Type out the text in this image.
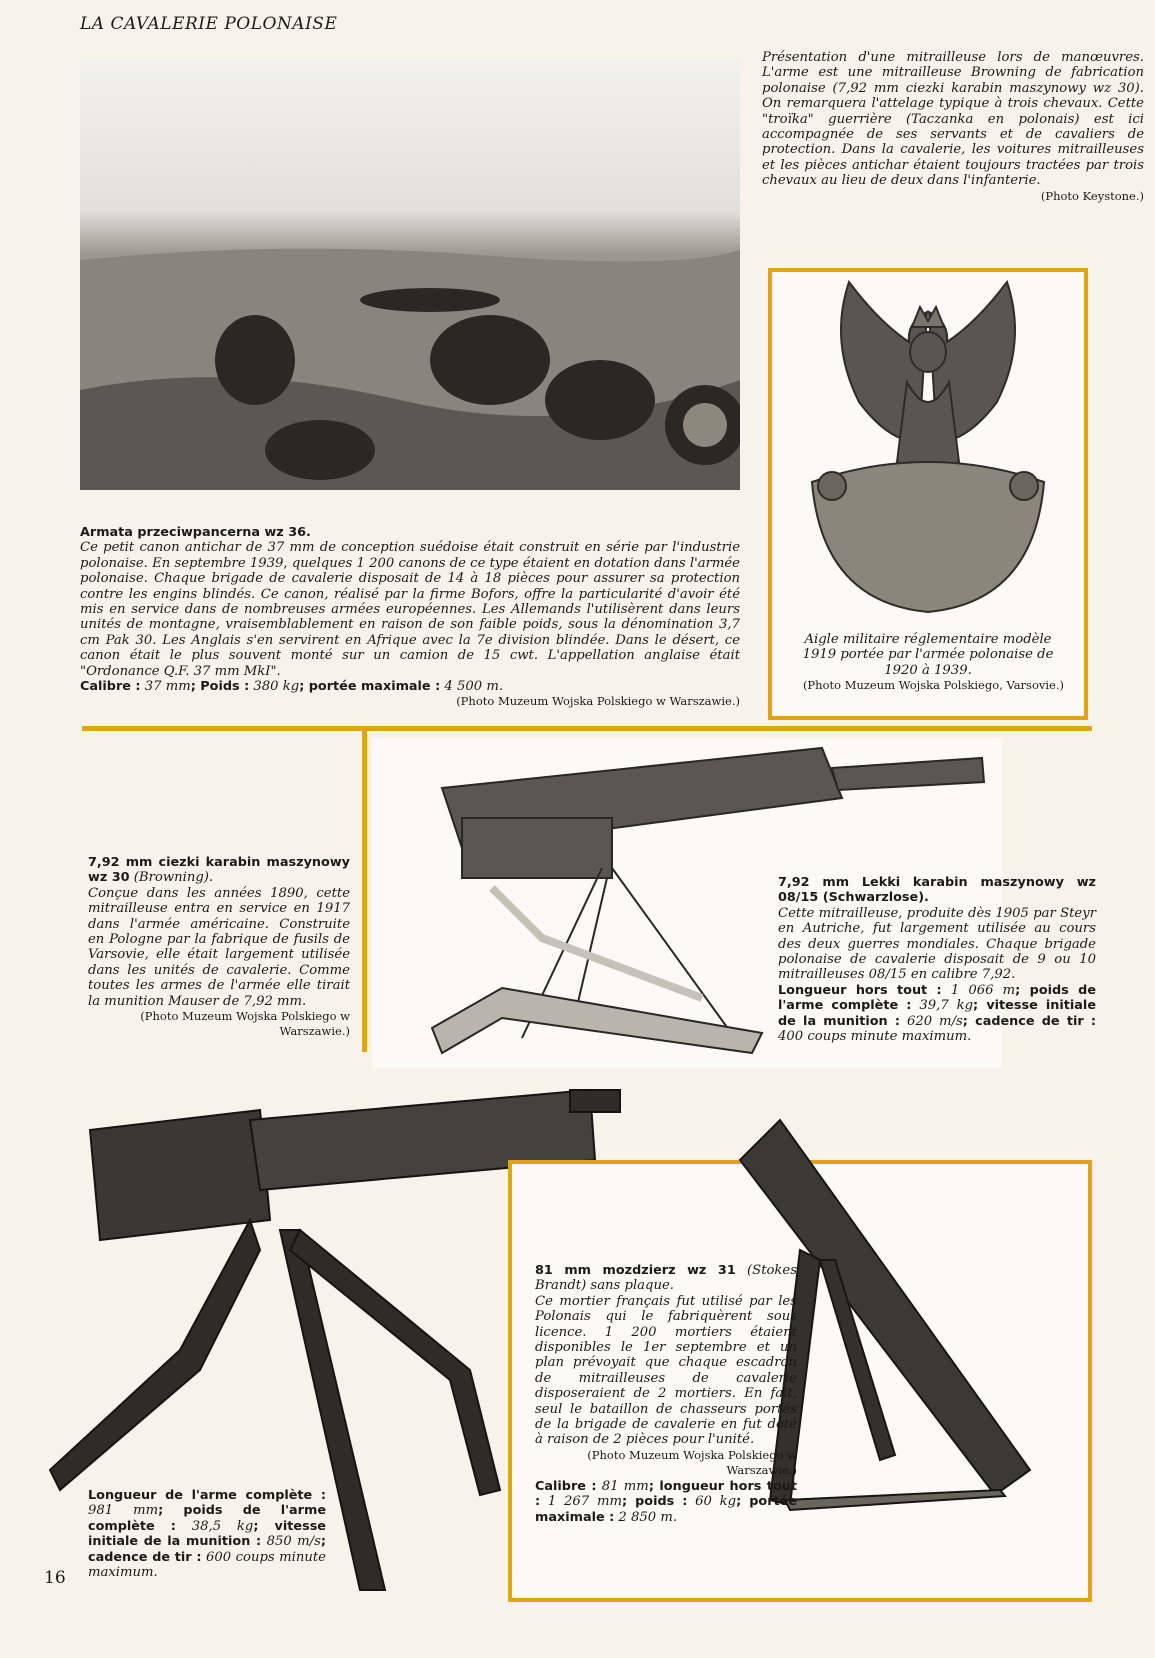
LA CAVALERIE POLONAISE

Présentation d'une mitrailleuse lors de manœuvres. L'arme est une mitrailleuse Browning de fabrication polonaise (7,92 mm ciezki karabin maszynowy wz 30). On remarquera l'attelage typique à trois chevaux. Cette "troïka" guerrière (Taczanka en polonais) est ici accompagnée de ses servants et de cavaliers de protection. Dans la cavalerie, les voitures mitrailleuses et les pièces antichar étaient toujours tractées par trois chevaux au lieu de deux dans l'infanterie.

(Photo Keystone.)

Armata przeciwpancerna wz 36.

Ce petit canon antichar de 37 mm de conception suédoise était construit en série par l'industrie polonaise. En septembre 1939, quelques 1 200 canons de ce type étaient en dotation dans l'armée polonaise. Chaque brigade de cavalerie disposait de 14 à 18 pièces pour assurer sa protection contre les engins blindés. Ce canon, réalisé par la firme Bofors, offre la particularité d'avoir été mis en service dans de nombreuses armées européennes. Les Allemands l'utilisèrent dans leurs unités de montagne, vraisemblablement en raison de son faible poids, sous la dénomination 3,7 cm Pak 30. Les Anglais s'en servirent en Afrique avec la 7e division blindée. Dans le désert, ce canon était le plus souvent monté sur un camion de 15 cwt. L'appellation anglaise était "Ordonance Q.F. 37 mm MkI".

Calibre : 37 mm; Poids : 380 kg; portée maximale : 4 500 m.

(Photo Muzeum Wojska Polskiego w Warszawie.)

Aigle militaire réglementaire modèle 1919 portée par l'armée polonaise de 1920 à 1939.

(Photo Muzeum Wojska Polskiego, Varsovie.)

7,92 mm ciezki karabin maszynowy wz 30 (Browning).

Conçue dans les années 1890, cette mitrailleuse entra en service en 1917 dans l'armée américaine. Construite en Pologne par la fabrique de fusils de Varsovie, elle était largement utilisée dans les unités de cavalerie. Comme toutes les armes de l'armée elle tirait la munition Mauser de 7,92 mm.

(Photo Muzeum Wojska Polskiego w Warszawie.)

7,92 mm Lekki karabin maszynowy wz 08/15 (Schwarzlose).

Cette mitrailleuse, produite dès 1905 par Steyr en Autriche, fut largement utilisée au cours des deux guerres mondiales. Chaque brigade polonaise de cavalerie disposait de 9 ou 10 mitrailleuses 08/15 en calibre 7,92.

Longueur hors tout : 1 066 m; poids de l'arme complète : 39,7 kg; vitesse initiale de la munition : 620 m/s; cadence de tir : 400 coups minute maximum.

Longueur de l'arme complète : 981 mm; poids de l'arme complète : 38,5 kg; vitesse initiale de la munition : 850 m/s; cadence de tir : 600 coups minute maximum.

81 mm mozdzierz wz 31 (Stokes Brandt) sans plaque.

Ce mortier français fut utilisé par les Polonais qui le fabriquèrent sous licence. 1 200 mortiers étaient disponibles le 1er septembre et un plan prévoyait que chaque escadron de mitrailleuses de cavalerie disposeraient de 2 mortiers. En fait, seul le bataillon de chasseurs portés de la brigade de cavalerie en fut doté à raison de 2 pièces pour l'unité.

(Photo Muzeum Wojska Polskiego w Warszawie.)

Calibre : 81 mm; longueur hors tout : 1 267 mm; poids : 60 kg; portée maximale : 2 850 m.

16
